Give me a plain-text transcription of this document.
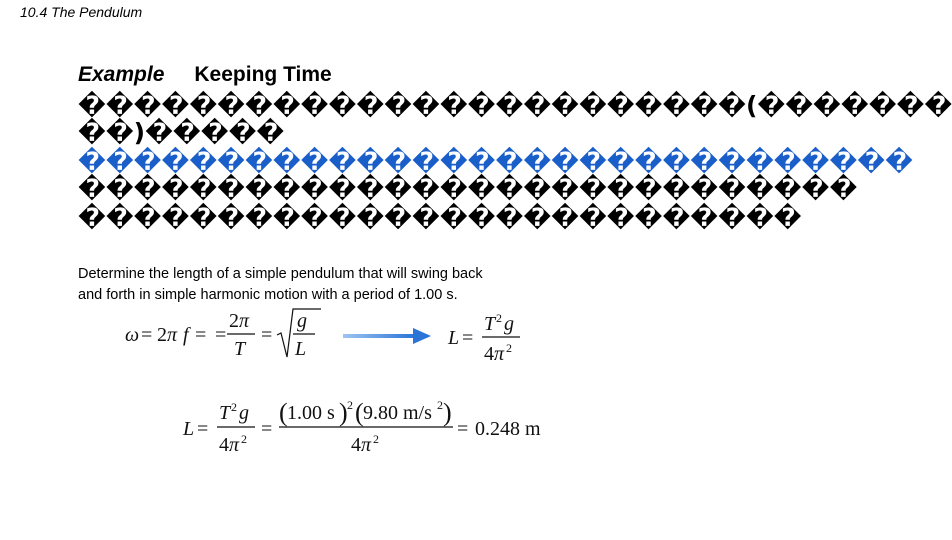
10.4 The Pendulum
Example Keeping Time
������������������������(�������
��)�����
������������������������������
����������������������������
��������������������������
Determine the length of a simple pendulum that will swing back and forth in simple harmonic motion with a period of 1.00 s.
ω = 2 π f = =
2 π
T
=
g
L	L =
T 2 g
4 π 2
L =
T 2 g
4 π 2 =
( 1.00 s ) 2 ( 9.80 m/s 2 )
4 π 2	= 0.248 m
